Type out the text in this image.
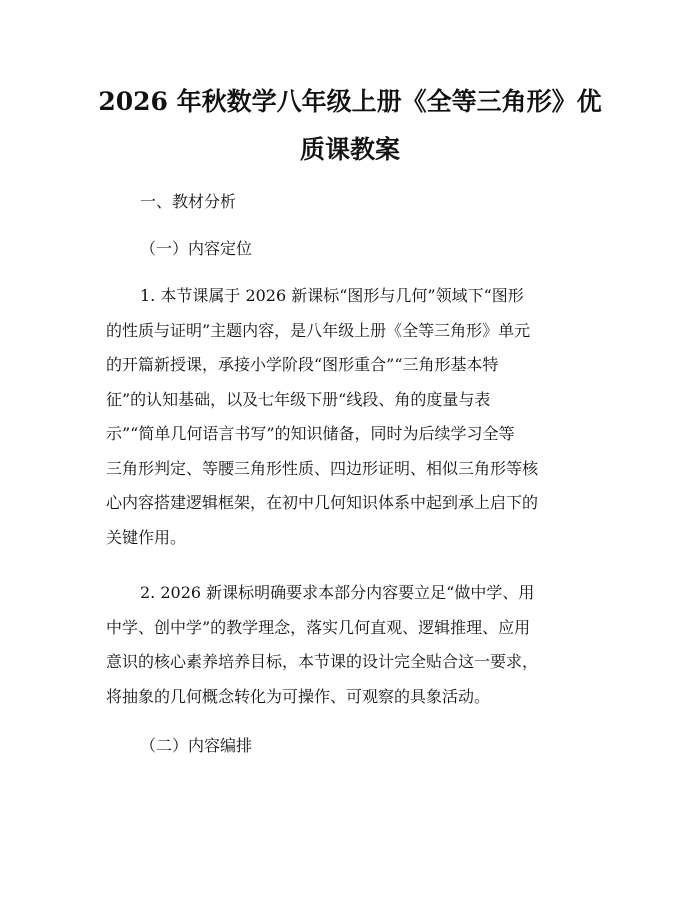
2026 年秋数学八年级上册《全等三角形》优
质课教案
一、教材分析
（一）内容定位
1. 本节课属于 2026 新课标“图形与几何”领域下“图形
的性质与证明”主题内容，是八年级上册《全等三角形》单元
的开篇新授课，承接小学阶段“图形重合”“三角形基本特
征”的认知基础，以及七年级下册“线段、角的度量与表
示”“简单几何语言书写”的知识储备，同时为后续学习全等
三角形判定、等腰三角形性质、四边形证明、相似三角形等核
心内容搭建逻辑框架，在初中几何知识体系中起到承上启下的
关键作用。
2. 2026 新课标明确要求本部分内容要立足“做中学、用
中学、创中学”的教学理念，落实几何直观、逻辑推理、应用
意识的核心素养培养目标，本节课的设计完全贴合这一要求，
将抽象的几何概念转化为可操作、可观察的具象活动。
（二）内容编排
